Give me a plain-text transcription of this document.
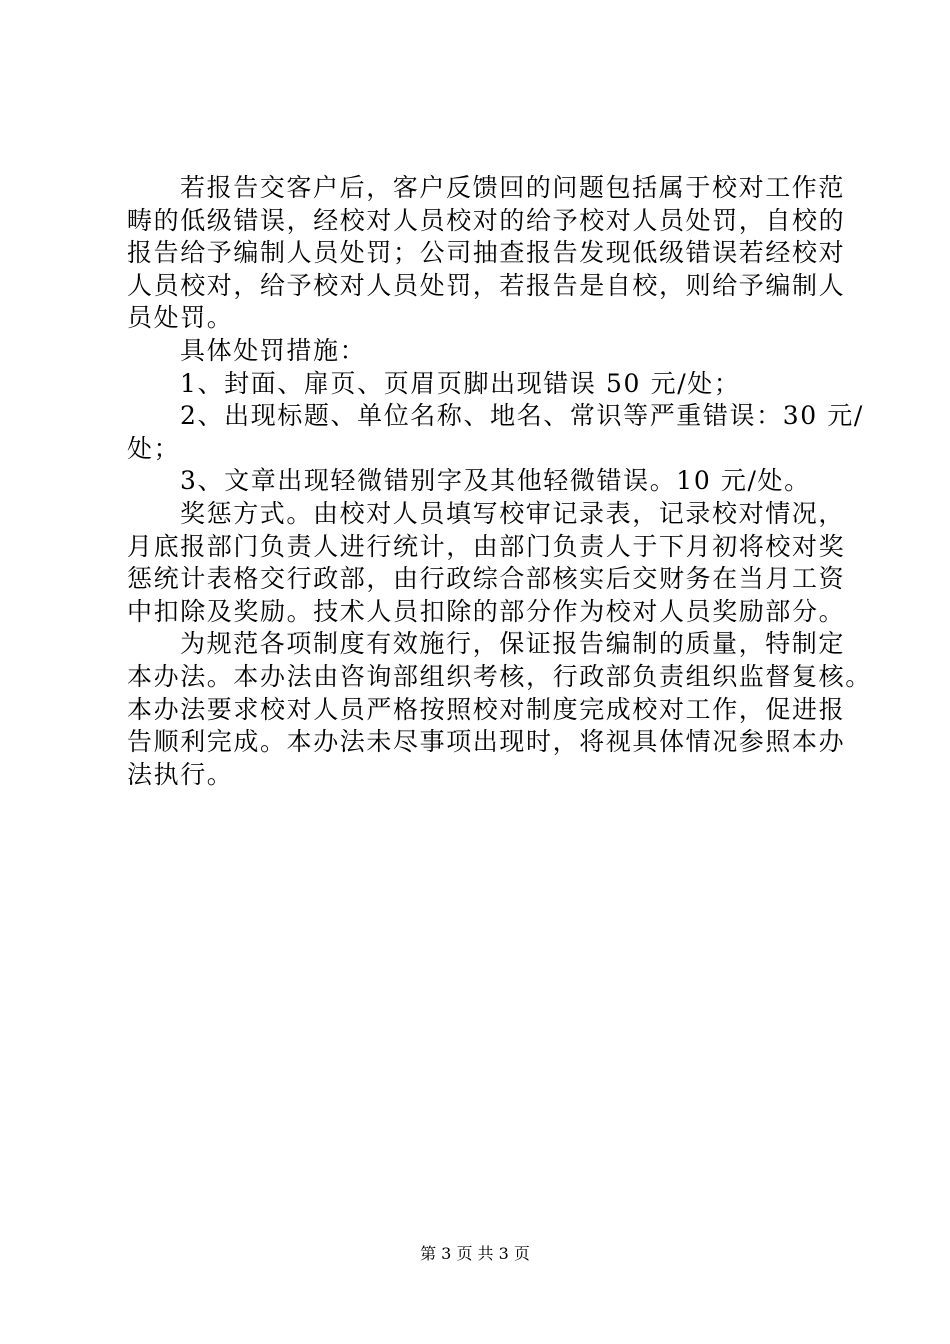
若报告交客户后，客户反馈回的问题包括属于校对工作范
畴的低级错误，经校对人员校对的给予校对人员处罚，自校的
报告给予编制人员处罚；公司抽查报告发现低级错误若经校对
人员校对，给予校对人员处罚，若报告是自校，则给予编制人
员处罚。
具体处罚措施：
1、封面、扉页、页眉页脚出现错误 50 元/处；
2、出现标题、单位名称、地名、常识等严重错误：30 元/
处；
3、文章出现轻微错别字及其他轻微错误。10 元/处。
奖惩方式。由校对人员填写校审记录表，记录校对情况，
月底报部门负责人进行统计，由部门负责人于下月初将校对奖
惩统计表格交行政部，由行政综合部核实后交财务在当月工资
中扣除及奖励。技术人员扣除的部分作为校对人员奖励部分。
为规范各项制度有效施行，保证报告编制的质量，特制定
本办法。本办法由咨询部组织考核，行政部负责组织监督复核。
本办法要求校对人员严格按照校对制度完成校对工作，促进报
告顺利完成。本办法未尽事项出现时，将视具体情况参照本办
法执行。
第 3 页 共 3 页
